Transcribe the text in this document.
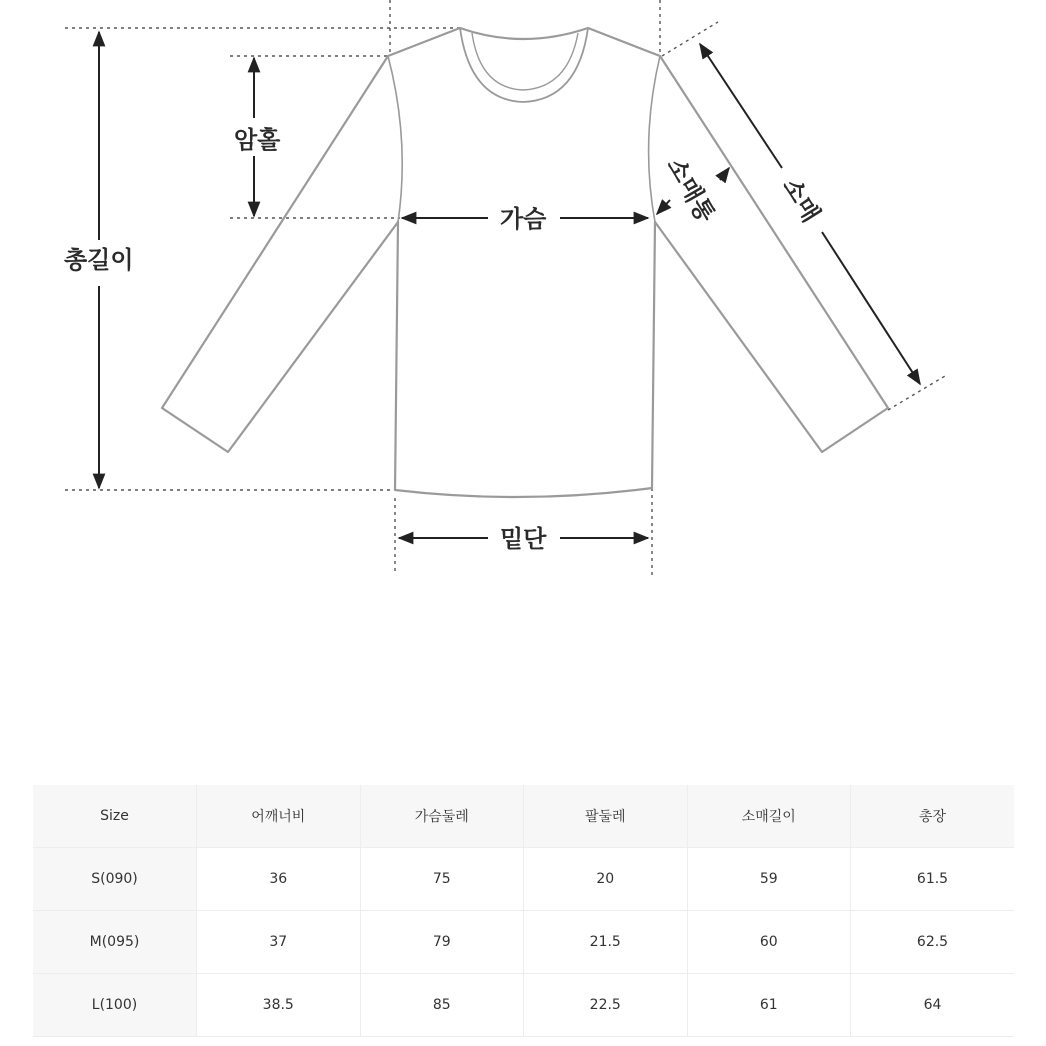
총길이
암홀
가슴
밑단
소매통 소매
Size	어깨너비	가슴둘레	팔둘레	소매길이	총장
S(090)	36	75	20	59	61.5
M(095)	37	79	21.5	60	62.5
L(100)	38.5	85	22.5	61	64
